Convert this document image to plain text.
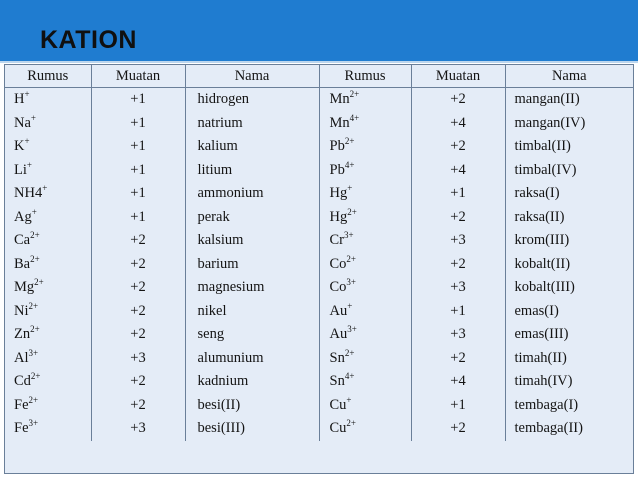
KATION
Rumus	Muatan	Nama	Rumus	Muatan	Nama
H+	+1	hidrogen	$Mn^{2+}$	+2	mangan(II)
Na+	+1	natrium	$Mn^{4+}$	+4	mangan(IV)
K+	+1	kalium	$Pb^{2+}$	+2	timbal(II)
Li+	+1	litium	$Pb^{4+}$	+4	timbal(IV)
NH4+	+1	ammonium	Hg+	+1	raksa(I)
Ag+	+1	perak	$Hg^{2+}$	+2	raksa(II)
$Ca^{2+}$	+2	kalsium	$Cr^{3+}$	+3	krom(III)
$Ba^{2+}$	+2	barium	$Co^{2+}$	+2	kobalt(II)
$Mg^{2+}$	+2	magnesium	$Co^{3+}$	+3	kobalt(III)
$Ni^{2+}$	+2	nikel	Au+	+1	emas(I)
$Zn^{2+}$	+2	seng	$Au^{3+}$	+3	emas(III)
$Al^{3+}$	+3	alumunium	$Sn^{2+}$	+2	timah(II)
$Cd^{2+}$	+2	kadnium	$Sn^{4+}$	+4	timah(IV)
$Fe^{2+}$	+2	besi(II)	Cu+	+1	tembaga(I)
$Fe^{3+}$	+3	besi(III)	$Cu^{2+}$	+2	tembaga(II)
